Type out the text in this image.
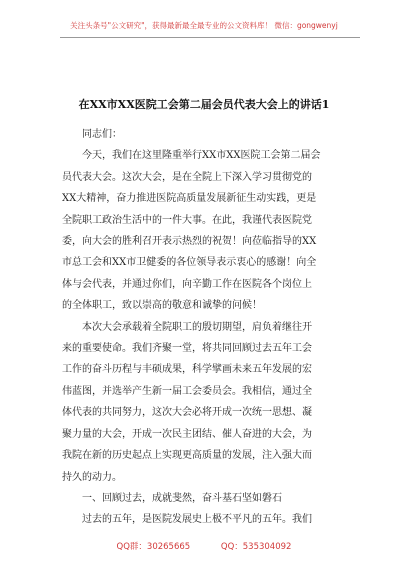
关注头条号"公文研究"，获得最新最全最专业的公文资料库！ 微信：gongwenyj
在XX市XX医院工会第二届会员代表大会上的讲话1

同志们：

今天，我们在这里隆重举行XX市XX医院工会第二届会
员代表大会。这次大会，是在全院上下深入学习贯彻党的
XX大精神，奋力推进医院高质量发展新征生动实践，更是
全院职工政治生活中的一件大事。在此，我谨代表医院党
委，向大会的胜利召开表示热烈的祝贺！向莅临指导的XX
市总工会和XX市卫健委的各位领导表示衷心的感谢！向全
体与会代表，并通过你们，向辛勤工作在医院各个岗位上
的全体职工，致以崇高的敬意和诚挚的问候！

本次大会承载着全院职工的殷切期望，肩负着继往开
来的重要使命。我们齐聚一堂，将共同回顾过去五年工会
工作的奋斗历程与丰硕成果，科学擘画未来五年发展的宏
伟蓝图，并选举产生新一届工会委员会。我相信，通过全
体代表的共同努力，这次大会必将开成一次统一思想、凝
聚力量的大会，开成一次民主团结、催人奋进的大会，为
我院在新的历史起点上实现更高质量的发展，注入强大而
持久的动力。

一、回顾过去，成就斐然，奋斗基石坚如磐石

过去的五年，是医院发展史上极不平凡的五年。我们

QQ群：30265665	QQ：535304092
